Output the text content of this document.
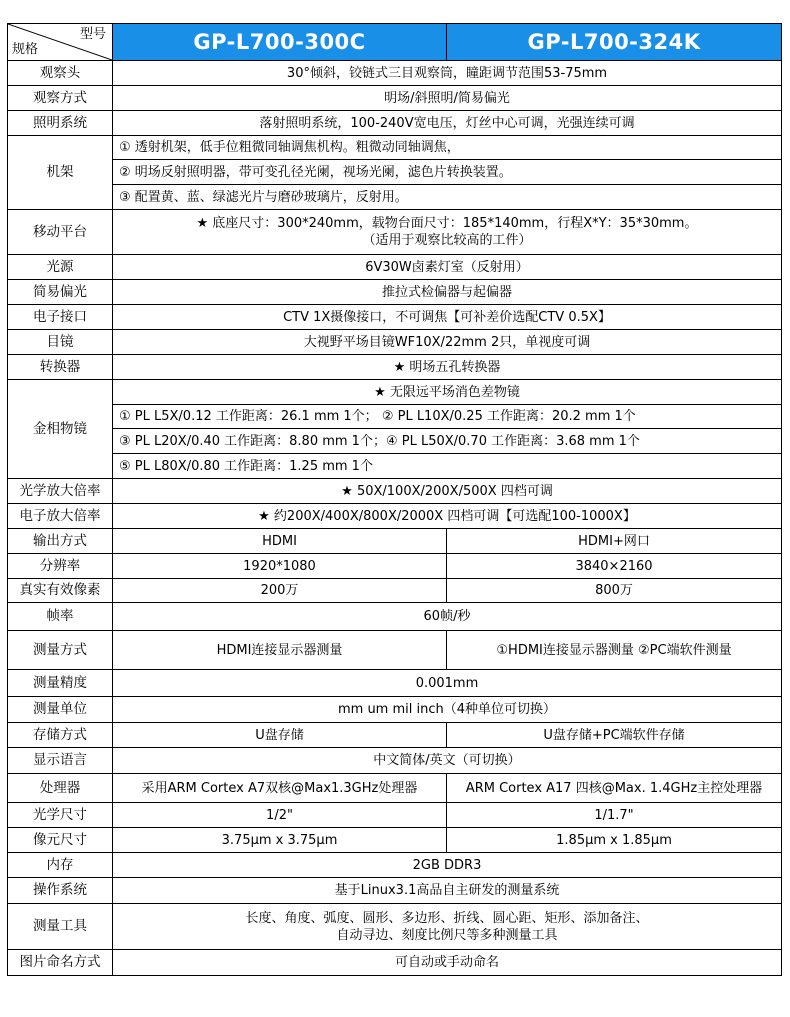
型号
规格	GP-L700-300C	GP-L700-324K
观察头	30°倾斜，铰链式三目观察筒，瞳距调节范围53-75mm	
观察方式	明场/斜照明/简易偏光	
照明系统	落射照明系统，100-240V宽电压，灯丝中心可调，光强连续可调	
机架	① 透射机架，低手位粗微同轴调焦机构。粗微动同轴调焦，	
	② 明场反射照明器，带可变孔径光阑，视场光阑，滤色片转换装置。	
	③ 配置黄、蓝、绿滤光片与磨砂玻璃片，反射用。	
移动平台	★ 底座尺寸：300*240mm，载物台面尺寸：185*140mm，行程X*Y：35*30mm。
（适用于观察比较高的工件）	

光源	6V30W卤素灯室（反射用）	
简易偏光	推拉式检偏器与起偏器	
电子接口	CTV 1X摄像接口，不可调焦【可补差价选配CTV 0.5X】	
目镜	大视野平场目镜WF10X/22mm 2只，单视度可调	
转换器	★ 明场五孔转换器	
金相物镜	★ 无限远平场消色差物镜	
	① PL L5X/0.12 工作距离：26.1 mm 1个； ② PL L10X/0.25 工作距离：20.2 mm 1个	
	③ PL L20X/0.40 工作距离：8.80 mm 1个；④ PL L50X/0.70 工作距离：3.68 mm 1个	
	⑤ PL L80X/0.80 工作距离：1.25 mm 1个	
光学放大倍率	★ 50X/100X/200X/500X 四档可调	
电子放大倍率	★ 约200X/400X/800X/2000X 四档可调【可选配100-1000X】	
输出方式	HDMI	HDMI+网口
分辨率	1920*1080	3840×2160
真实有效像素	200万	800万
帧率	60帧/秒	
测量方式	HDMI连接显示器测量	①HDMI连接显示器测量 ②PC端软件测量
测量精度	0.001mm	
测量单位	mm um mil inch（4种单位可切换）	
存储方式	U盘存储	U盘存储+PC端软件存储
显示语言	中文简体/英文（可切换）	
处理器	采用ARM Cortex A7双核@Max1.3GHz处理器	ARM Cortex A17 四核@Max. 1.4GHz主控处理器
光学尺寸	1/2"	1/1.7"
像元尺寸	3.75μm x 3.75μm	1.85μm x 1.85μm
内存	2GB DDR3	
操作系统	基于Linux3.1高品自主研发的测量系统	
测量工具	长度、角度、弧度、圆形、多边形、折线、圆心距、矩形、添加备注、
自动寻边、刻度比例尺等多种测量工具	

图片命名方式	可自动或手动命名	
